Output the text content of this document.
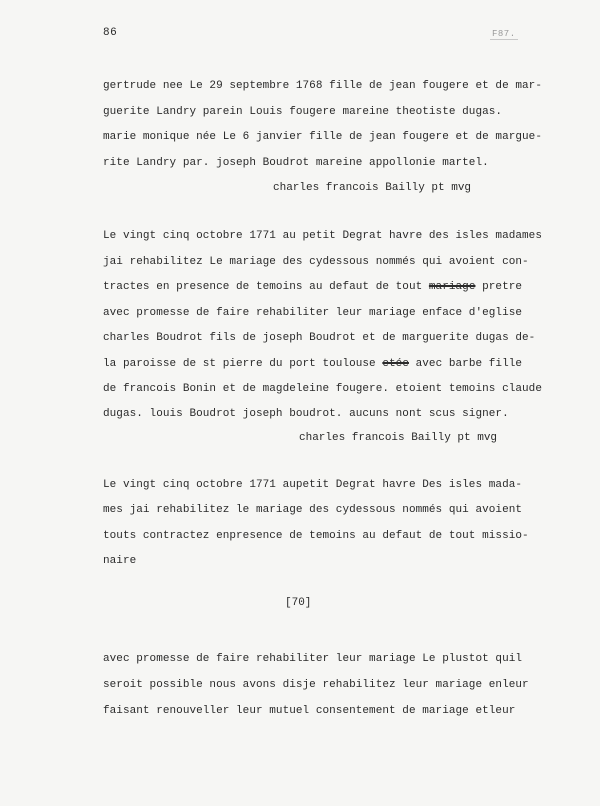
86	F87.
gertrude nee Le 29 septembre 1768 fille de jean fougere et de mar-
guerite Landry parein Louis fougere mareine theotiste dugas.
marie monique née Le 6 janvier fille de jean fougere et de margue-
rite Landry par. joseph Boudrot mareine appollonie martel.
charles francois Bailly pt mvg
Le vingt cinq octobre 1771 au petit Degrat havre des isles madames
jai rehabilitez Le mariage des cydessous nommés qui avoient con-
tractes en presence de temoins au defaut de tout mariage pretre
avec promesse de faire rehabiliter leur mariage enface d'eglise
charles Boudrot fils de joseph Boudrot et de marguerite dugas de-
la paroisse de st pierre du port toulouse etée avec barbe fille
de francois Bonin et de magdeleine fougere. etoient temoins claude
dugas. louis Boudrot joseph boudrot. aucuns nont scus signer.
charles francois Bailly pt mvg
Le vingt cinq octobre 1771 aupetit Degrat havre Des isles mada-
mes jai rehabilitez le mariage des cydessous nommés qui avoient
touts contractez enpresence de temoins au defaut de tout missio-
naire
[70]
avec promesse de faire rehabiliter leur mariage Le plustot quil
seroit possible nous avons disje rehabilitez leur mariage enleur
faisant renouveller leur mutuel consentement de mariage etleur
